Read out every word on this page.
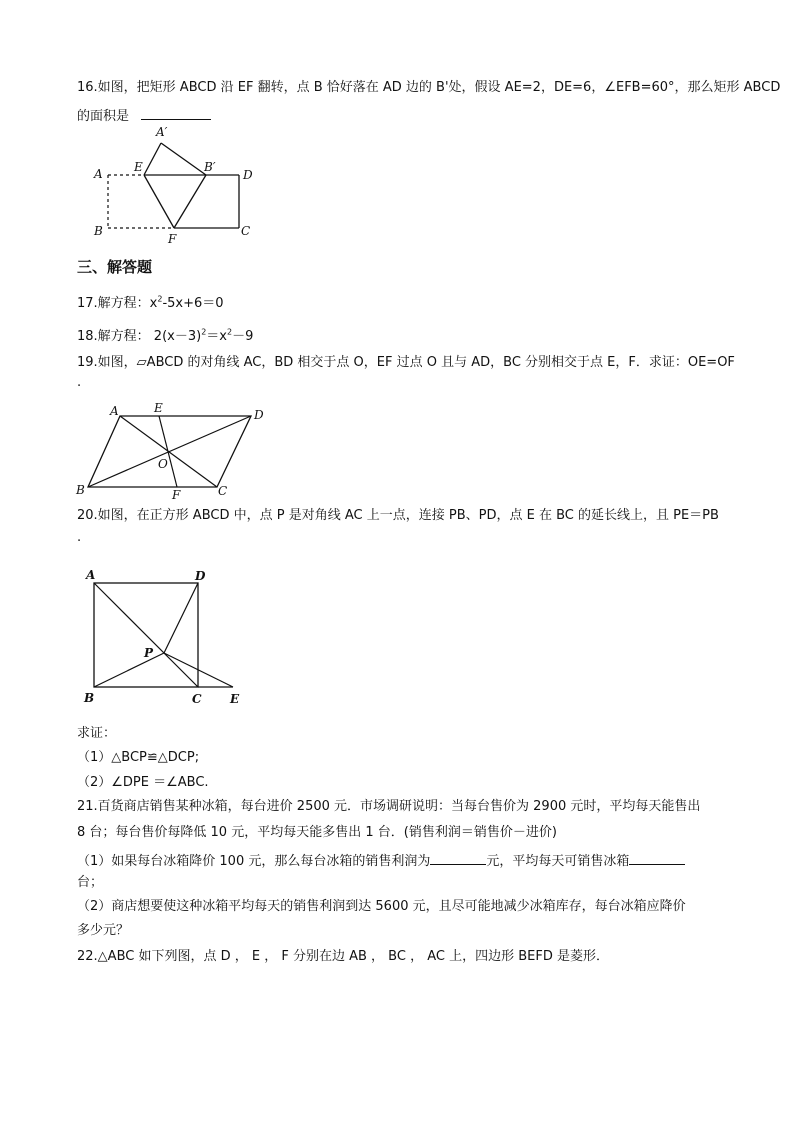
16.如图，把矩形 ABCD 沿 EF 翻转，点 B 恰好落在 AD 边的 B'处，假设 AE=2，DE=6，∠EFB=60°，那么矩形 ABCD
的面积是
A′
A	E	B′
D
B
F
C
三、解答题
17.解方程：$x^2-5x+6=0$
18.解方程： $2(x-3)^2=x^2-9$
19.如图，▱ABCD 的对角线 AC，BD 相交于点 O，EF 过点 O 且与 AD，BC 分别相交于点 E，F．求证：OE=OF
.
A	E	D
O
B	F	C
20.如图，在正方形 ABCD 中，点 P 是对角线 AC 上一点，连接 PB、PD，点 E 在 BC 的延长线上，且 PE＝PB
.
A	D
P
B	C E
求证：
（1）△BCP≌△DCP;
（2）∠DPE ＝∠ABC.
21.百货商店销售某种冰箱，每台进价 2500 元．市场调研说明：当每台售价为 2900 元时，平均每天能售出
8 台；每台售价每降低 10 元，平均每天能多售出 1 台．(销售利润＝销售价－进价)
（1）如果每台冰箱降价 100 元，那么每台冰箱的销售利润为	元，平均每天可销售冰箱
台；
（2）商店想要使这种冰箱平均每天的销售利润到达 5600 元，且尽可能地减少冰箱库存，每台冰箱应降价
多少元？
22.△ABC 如下列图，点 D ， E ， F 分别在边 AB ， BC ， AC 上，四边形 BEFD 是菱形．
